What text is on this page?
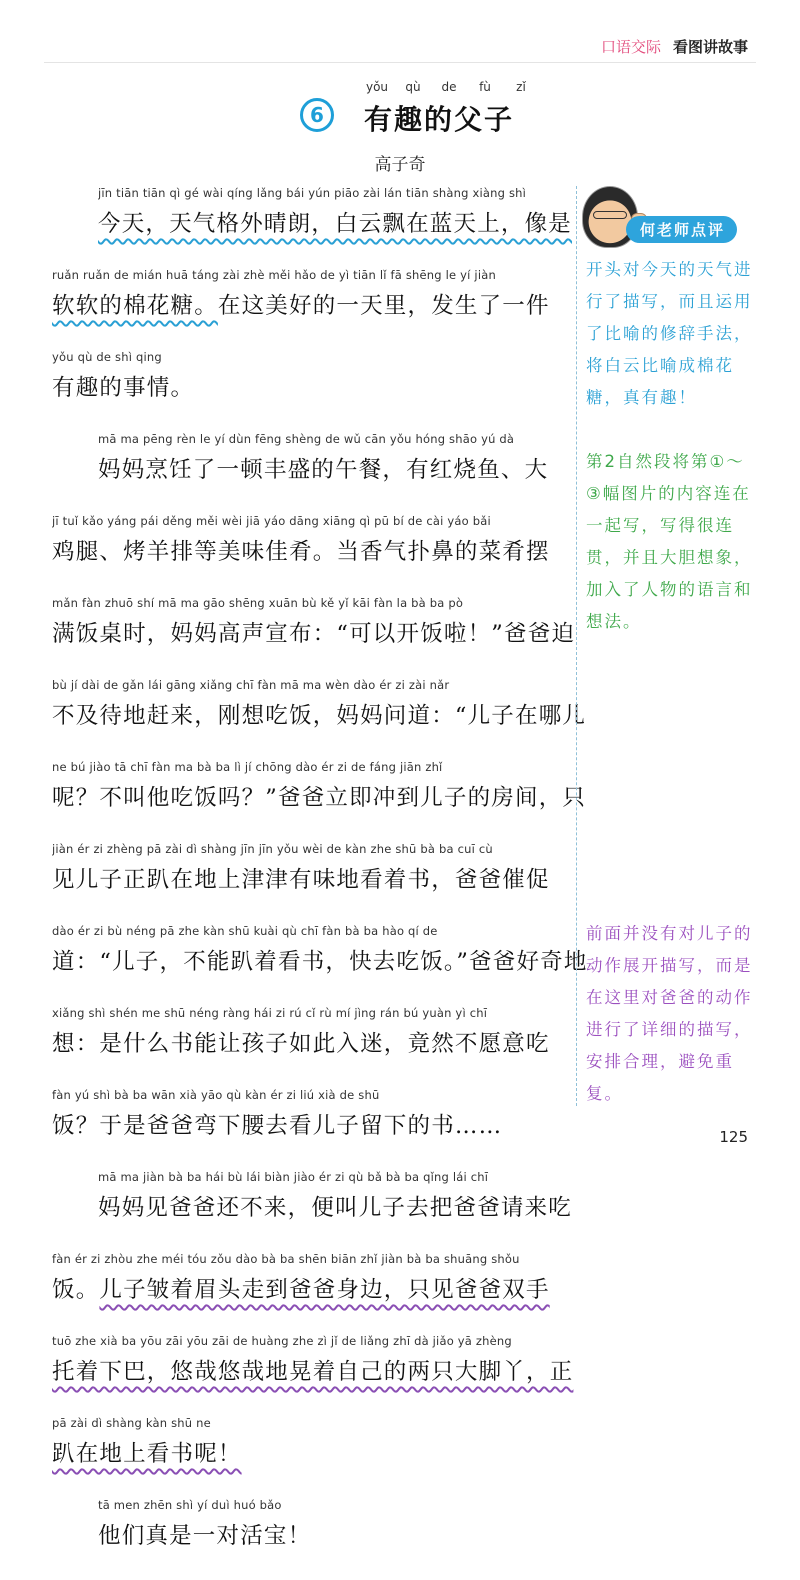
口语交际 看图讲故事
6
yǒu	qù	de	fù	zǐ
有趣的父子
高子奇
jīn tiān tiān qì gé wài qíng lǎng bái yún piāo zài lán tiān shàng xiàng shì
今天，天气格外晴朗，白云飘在蓝天上，像是
ruǎn ruǎn de mián huā táng zài zhè měi hǎo de yì tiān lǐ fā shēng le yí jiàn
软软的棉花糖。在这美好的一天里，发生了一件
yǒu qù de shì qing
有趣的事情。
mā ma pēng rèn le yí dùn fēng shèng de wǔ cān yǒu hóng shāo yú dà
妈妈烹饪了一顿丰盛的午餐，有红烧鱼、大
jī tuǐ kǎo yáng pái děng měi wèi jiā yáo dāng xiāng qì pū bí de cài yáo bǎi
鸡腿、烤羊排等美味佳肴。当香气扑鼻的菜肴摆
mǎn fàn zhuō shí mā ma gāo shēng xuān bù kě yǐ kāi fàn la bà ba pò
满饭桌时，妈妈高声宣布：“可以开饭啦！”爸爸迫
bù jí dài de gǎn lái gāng xiǎng chī fàn mā ma wèn dào ér zi zài nǎr
不及待地赶来，刚想吃饭，妈妈问道：“儿子在哪儿
ne bú jiào tā chī fàn ma bà ba lì jí chōng dào ér zi de fáng jiān zhǐ
呢？不叫他吃饭吗？”爸爸立即冲到儿子的房间，只
jiàn ér zi zhèng pā zài dì shàng jīn jīn yǒu wèi de kàn zhe shū bà ba cuī cù
见儿子正趴在地上津津有味地看着书，爸爸催促
dào ér zi bù néng pā zhe kàn shū kuài qù chī fàn bà ba hào qí de
道：“儿子，不能趴着看书，快去吃饭。”爸爸好奇地
xiǎng shì shén me shū néng ràng hái zi rú cǐ rù mí jìng rán bú yuàn yì chī
想：是什么书能让孩子如此入迷，竟然不愿意吃
fàn yú shì bà ba wān xià yāo qù kàn ér zi liú xià de shū
饭？于是爸爸弯下腰去看儿子留下的书……
mā ma jiàn bà ba hái bù lái biàn jiào ér zi qù bǎ bà ba qǐng lái chī
妈妈见爸爸还不来，便叫儿子去把爸爸请来吃
fàn ér zi zhòu zhe méi tóu zǒu dào bà ba shēn biān zhǐ jiàn bà ba shuāng shǒu
饭。儿子皱着眉头走到爸爸身边，只见爸爸双手
tuō zhe xià ba yōu zāi yōu zāi de huàng zhe zì jǐ de liǎng zhī dà jiǎo yā zhèng
托着下巴，悠哉悠哉地晃着自己的两只大脚丫，正
pā zài dì shàng kàn shū ne
趴在地上看书呢！
tā men zhēn shì yí duì huó bǎo
他们真是一对活宝！
何老师点评
开头对今天的天气进行了描写，而且运用了比喻的修辞手法，将白云比喻成棉花糖，真有趣！
第2自然段将第①～③幅图片的内容连在一起写，写得很连贯，并且大胆想象，加入了人物的语言和想法。
前面并没有对儿子的动作展开描写，而是在这里对爸爸的动作进行了详细的描写，安排合理，避免重复。
125
